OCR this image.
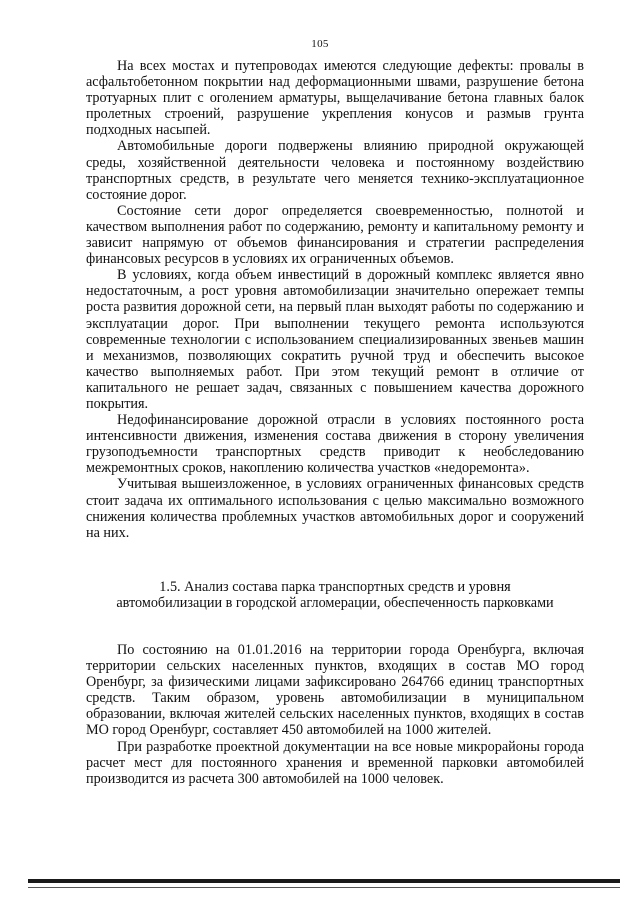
105

На всех мостах и путепроводах имеются следующие дефекты: провалы в асфальтобетонном покрытии над деформационными швами, разрушение бетона тротуарных плит с оголением арматуры, выщелачивание бетона главных балок пролетных строений, разрушение укрепления конусов и размыв грунта подходных насыпей.

Автомобильные дороги подвержены влиянию природной окружающей среды, хозяйственной деятельности человека и постоянному воздействию транспортных средств, в результате чего меняется технико-эксплуатационное состояние дорог.

Состояние сети дорог определяется своевременностью, полнотой и качеством выполнения работ по содержанию, ремонту и капитальному ремонту и зависит напрямую от объемов финансирования и стратегии распределения финансовых ресурсов в условиях их ограниченных объемов.

В условиях, когда объем инвестиций в дорожный комплекс является явно недостаточным, а рост уровня автомобилизации значительно опережает темпы роста развития дорожной сети, на первый план выходят работы по содержанию и эксплуатации дорог. При выполнении текущего ремонта используются современные технологии с использованием специализированных звеньев машин и механизмов, позволяющих сократить ручной труд и обеспечить высокое качество выполняемых работ. При этом текущий ремонт в отличие от капитального не решает задач, связанных с повышением качества дорожного покрытия.

Недофинансирование дорожной отрасли в условиях постоянного роста интенсивности движения, изменения состава движения в сторону увеличения грузоподъемности транспортных средств приводит к необследованию межремонтных сроков, накоплению количества участков «недоремонта».

Учитывая вышеизложенное, в условиях ограниченных финансовых средств стоит задача их оптимального использования с целью максимально возможного снижения количества проблемных участков автомобильных дорог и сооружений на них.

1.5. Анализ состава парка транспортных средств и уровня
автомобилизации в городской агломерации, обеспеченность парковками

По состоянию на 01.01.2016 на территории города Оренбурга, включая территории сельских населенных пунктов, входящих в состав МО город Оренбург, за физическими лицами зафиксировано 264766 единиц транспортных средств. Таким образом, уровень автомобилизации в муниципальном образовании, включая жителей сельских населенных пунктов, входящих в состав МО город Оренбург, составляет 450 автомобилей на 1000 жителей.

При разработке проектной документации на все новые микрорайоны города расчет мест для постоянного хранения и временной парковки автомобилей производится из расчета 300 автомобилей на 1000 человек.
